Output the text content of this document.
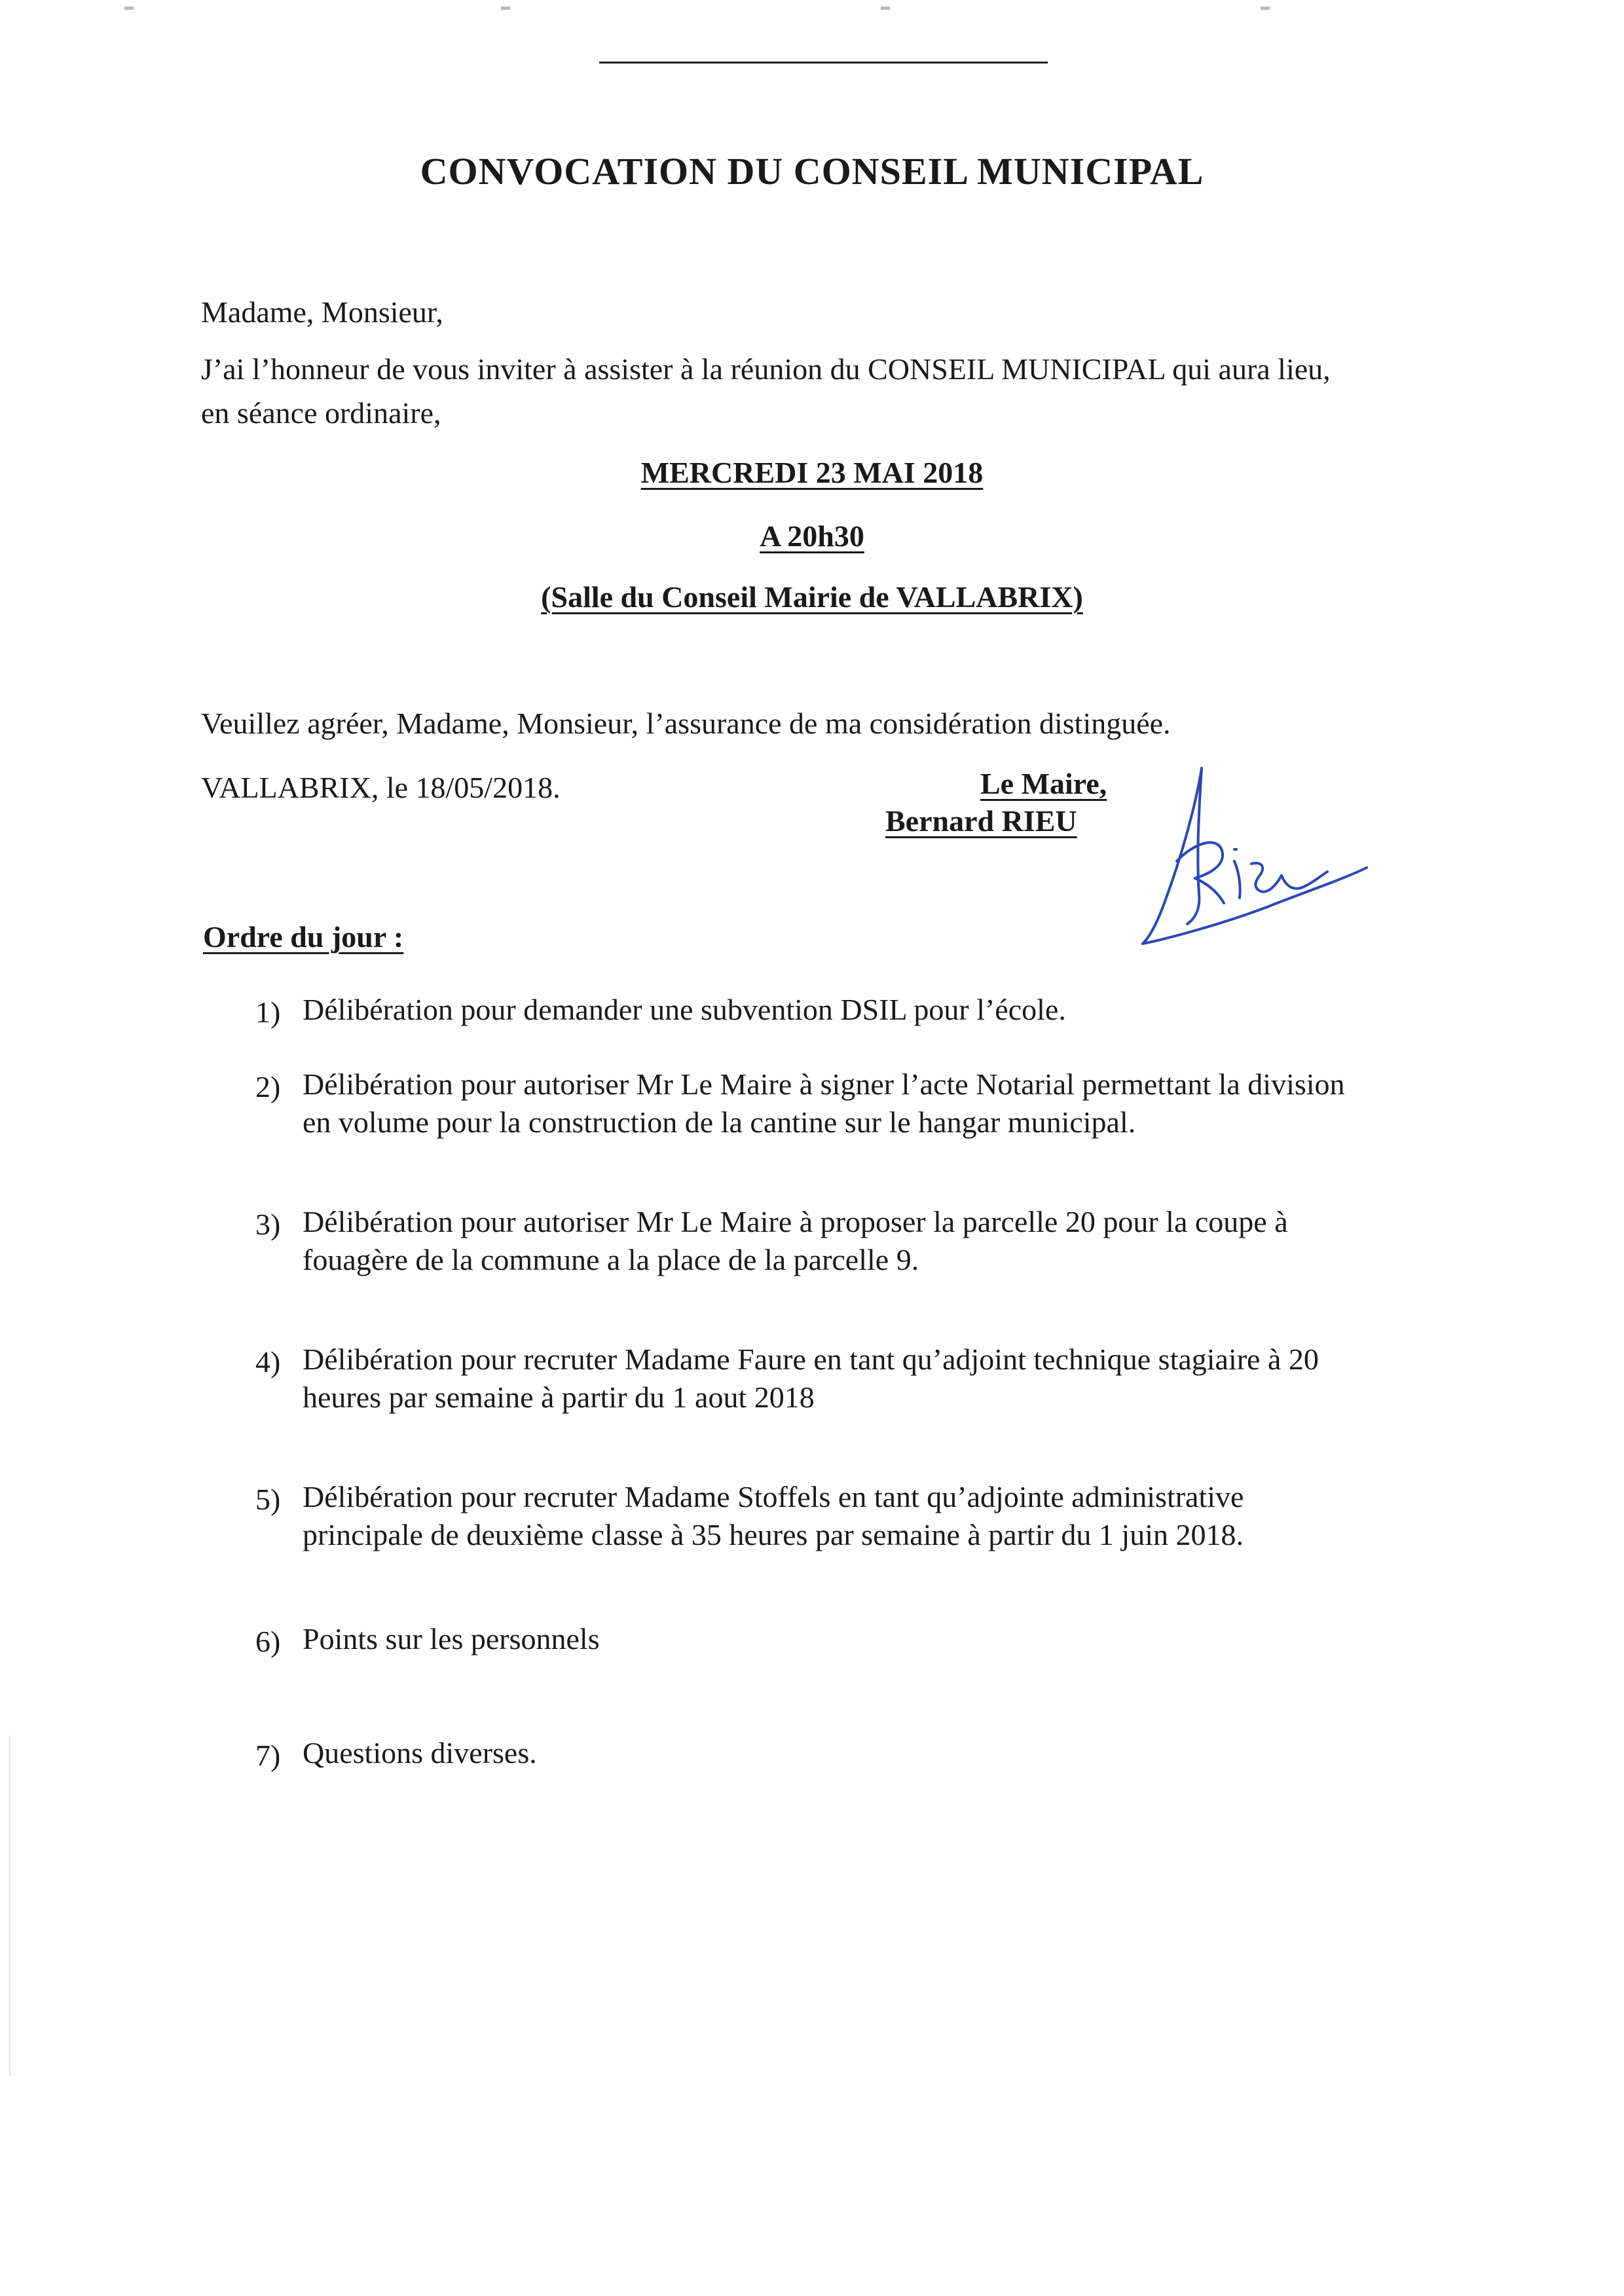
CONVOCATION DU CONSEIL MUNICIPAL

Madame, Monsieur,

J’ai l’honneur de vous inviter à assister à la réunion du CONSEIL MUNICIPAL qui aura lieu,

en séance ordinaire,

MERCREDI 23 MAI 2018

A 20h30

(Salle du Conseil Mairie de VALLABRIX)

Veuillez agréer, Madame, Monsieur, l’assurance de ma considération distinguée.

VALLABRIX, le 18/05/2018.	Le Maire,

Bernard RIEU

Ordre du jour :

1) Délibération pour demander une subvention DSIL pour l’école.
2) Délibération pour autoriser Mr Le Maire à signer l’acte Notarial permettant la division
en volume pour la construction de la cantine sur le hangar municipal.
3) Délibération pour autoriser Mr Le Maire à proposer la parcelle 20 pour la coupe à
fouagère de la commune a la place de la parcelle 9.
4) Délibération pour recruter Madame Faure en tant qu’adjoint technique stagiaire à 20
heures par semaine à partir du 1 aout 2018
5) Délibération pour recruter Madame Stoffels en tant qu’adjointe administrative
principale de deuxième classe à 35 heures par semaine à partir du 1 juin 2018.
6) Points sur les personnels
7) Questions diverses.
